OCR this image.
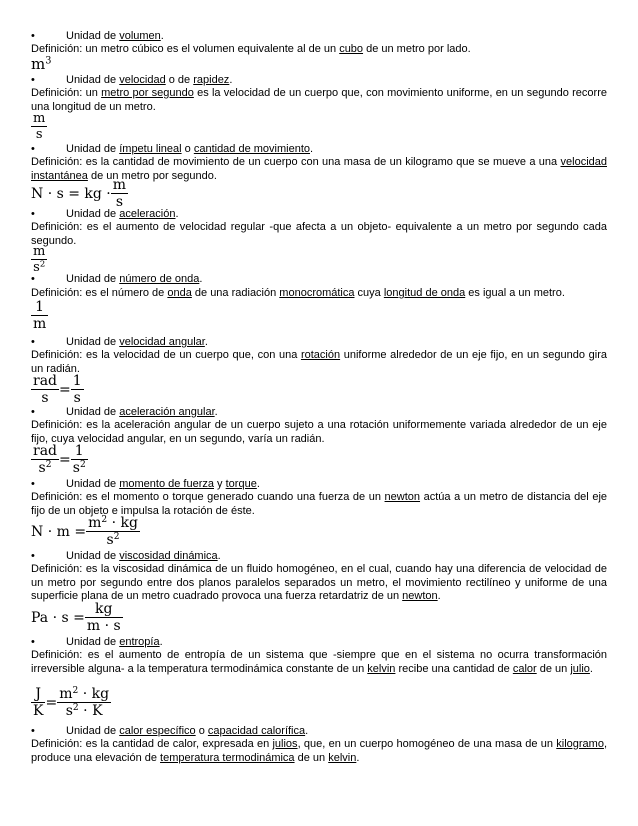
•	Unidad de volumen.
Definición: un metro cúbico es el volumen equivalente al de un cubo de un metro por lado.
$m^3$
•	Unidad de velocidad o de rapidez.
Definición: un metro por segundo es la velocidad de un cuerpo que, con movimiento uniforme, en un segundo recorre una longitud de un metro.
$\frac{m}{s}$
•	Unidad de ímpetu lineal o cantidad de movimiento.
Definición: es la cantidad de movimiento de un cuerpo con una masa de un kilogramo que se mueve a una velocidad instantánea de un metro por segundo.
N · s = kg · $\frac{m}{s}$
•	Unidad de aceleración.
Definición: es el aumento de velocidad regular -que afecta a un objeto- equivalente a un metro por segundo cada segundo.
$\frac{m}{s^2}$
•	Unidad de número de onda.
Definición: es el número de onda de una radiación monocromática cuya longitud de onda es igual a un metro.
$\frac{1}{m}$
•	Unidad de velocidad angular.
Definición: es la velocidad de un cuerpo que, con una rotación uniforme alrededor de un eje fijo, en un segundo gira un radián.
$\frac{\text{rad}}{s} = \frac{1}{s}$
•	Unidad de aceleración angular.
Definición: es la aceleración angular de un cuerpo sujeto a una rotación uniformemente variada alrededor de un eje fijo, cuya velocidad angular, en un segundo, varía un radián.
$\frac{\text{rad}}{s^2} = \frac{1}{s^2}$
•	Unidad de momento de fuerza y torque.
Definición: es el momento o torque generado cuando una fuerza de un newton actúa a un metro de distancia del eje fijo de un objeto e impulsa la rotación de éste.
$N \cdot m = \frac{m^2 \cdot kg}{s^2}$
•	Unidad de viscosidad dinámica.
Definición: es la viscosidad dinámica de un fluido homogéneo, en el cual, cuando hay una diferencia de velocidad de un metro por segundo entre dos planos paralelos separados un metro, el movimiento rectilíneo y uniforme de una superficie plana de un metro cuadrado provoca una fuerza retardatriz de un newton.
$Pa \cdot s = \frac{kg}{m \cdot s}$
•	Unidad de entropía.
Definición: es el aumento de entropía de un sistema que -siempre que en el sistema no ocurra transformación irreversible alguna- a la temperatura termodinámica constante de un kelvin recibe una cantidad de calor de un julio.
$\frac{J}{K} = \frac{m^2 \cdot kg}{s^2 \cdot K}$
•	Unidad de calor específico o capacidad calorífica.
Definición: es la cantidad de calor, expresada en julios, que, en un cuerpo homogéneo de una masa de un kilogramo, produce una elevación de temperatura termodinámica de un kelvin.
